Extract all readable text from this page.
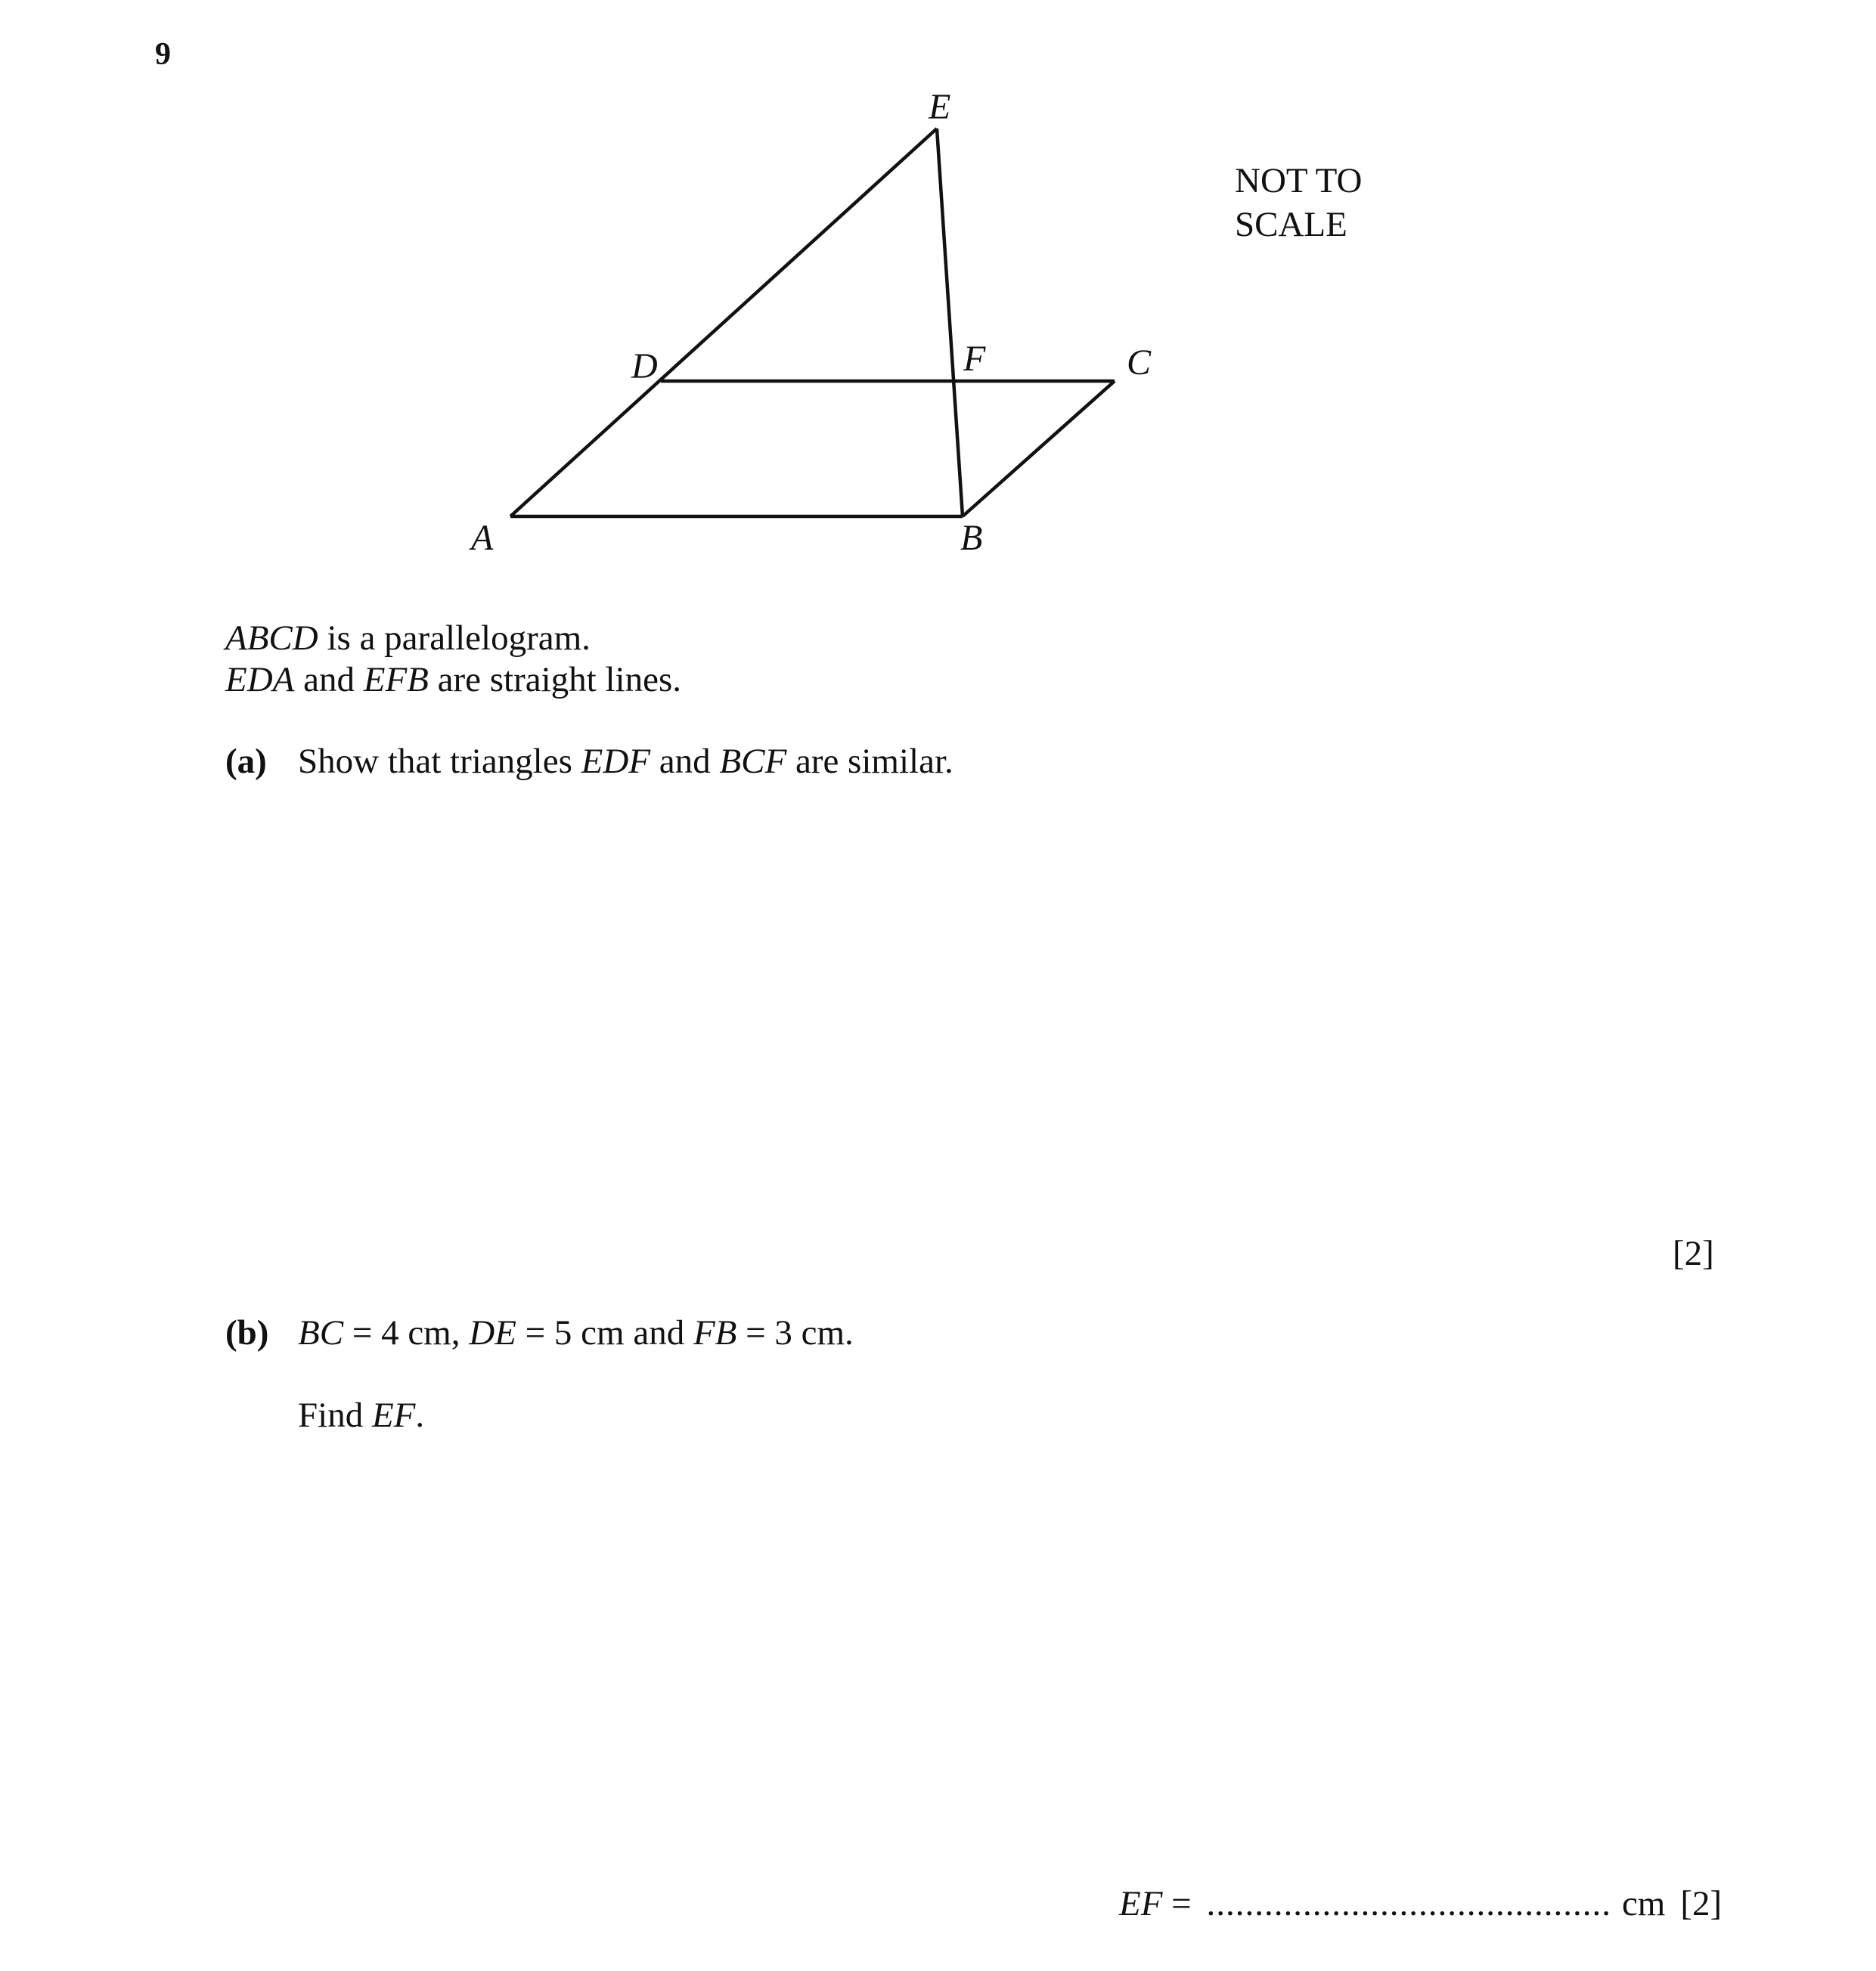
9
E
D	F	C
A	B
NOT TO
SCALE
ABCD is a parallelogram.
EDA and EFB are straight lines.
(a) Show that triangles EDF and BCF are similar.
[2]
(b) BC = 4 cm, DE = 5 cm and FB = 3 cm.
Find EF.
EF = .......................................... cm [2]
